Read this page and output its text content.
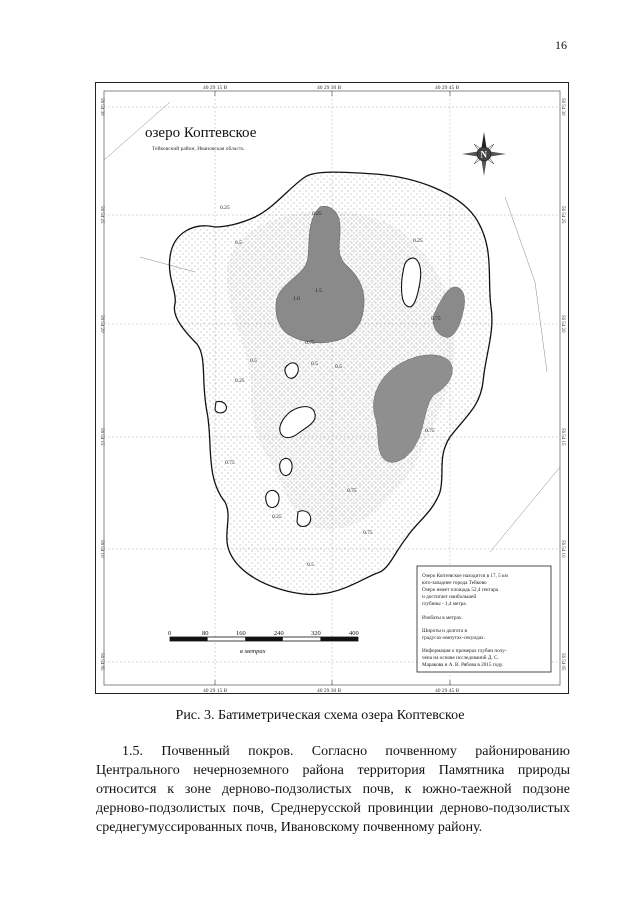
16
40 29 15 В	40 29 30 В	40 29 45 В
40 29 15 В	40 29 30 В	40 29 45 В
56 54 30
56 54 25
56 54 20
56 54 15
56 54 10
56 54 05
56 54 30
56 54 25
56 54 20
56 54 15
56 54 10
56 54 05
озеро Коптевское
Тейковский район, Ивановская область
N
0.25
0.25
0.25
0.5
1.5
1.0
0.75
0.5	0.5	0.5
0.25
0.75
0.75
0.25
0.75
0.5
0.75
0.75
0	80	160	240	320	400
в метрах
Озеро Коптевское находится в 17, 5 км
юго-западнее города Тейково
Озеро имеет площадь 52,4 гектара
и достигает наибольшей
глубины - 1,4 метра.
Изобаты в метрах.
Широты и долгота в
градусах-минутах-секундах.
Информация о промерах глубин полу-
чена на основе исследований Д. С.
Маракова и А. В. Рябова в 2015 году.
Рис. 3. Батиметрическая схема озера Коптевское

1.5. Почвенный покров. Согласно почвенному районированию Центрального нечерноземного района территория Памятника природы относится к зоне дерново-подзолистых почв, к южно-таежной подзоне дерново-подзолистых почв, Среднерусской провинции дерново-подзолистых среднегумуссированных почв, Ивановскому почвенному району.
